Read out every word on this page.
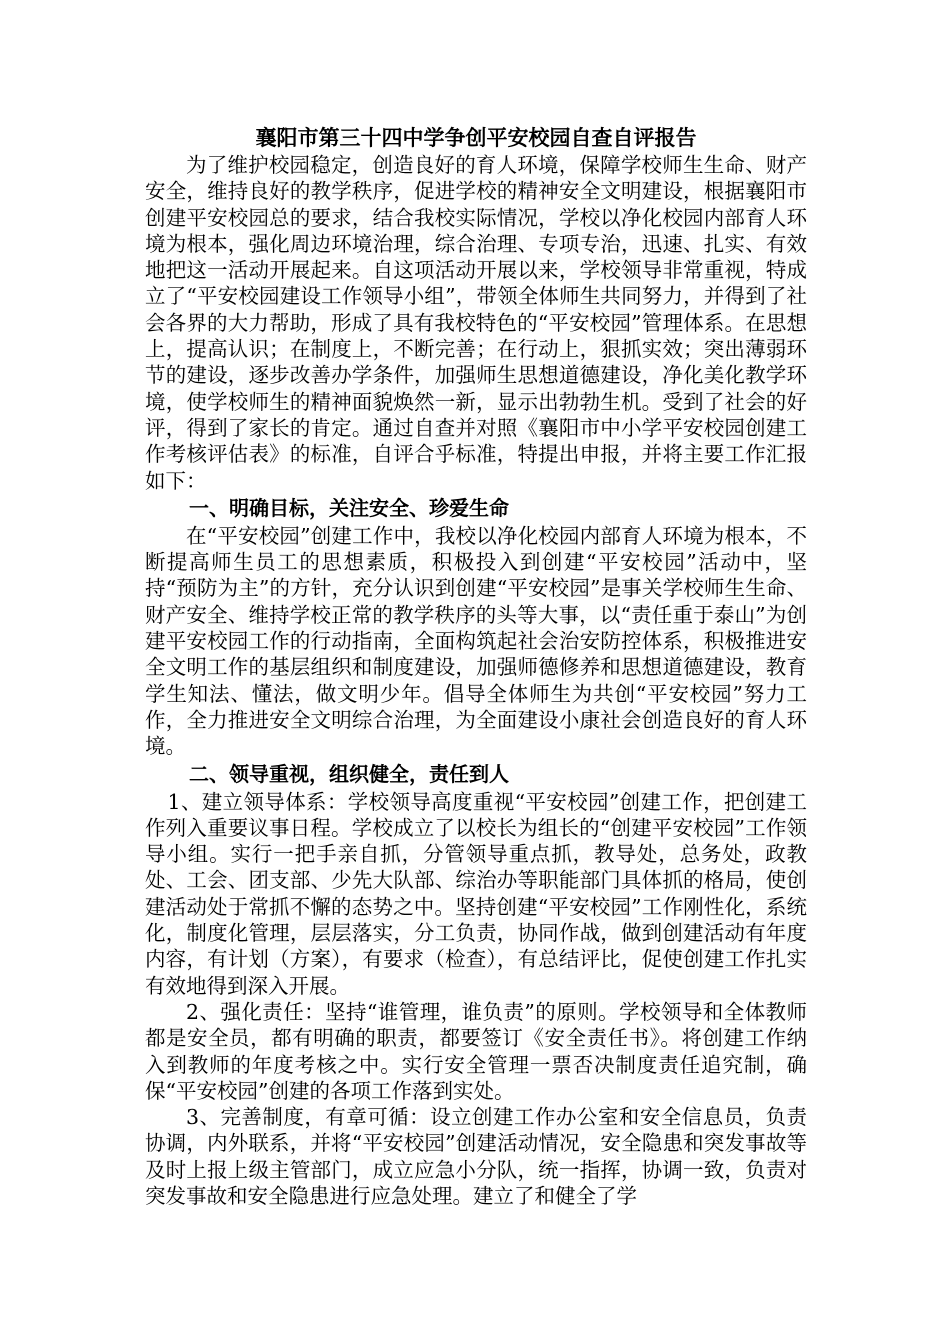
襄阳市第三十四中学争创平安校园自查自评报告

为了维护校园稳定，创造良好的育人环境，保障学校师生生命、财产安全，维持良好的教学秩序，促进学校的精神安全文明建设，根据襄阳市创建平安校园总的要求，结合我校实际情况，学校以净化校园内部育人环境为根本，强化周边环境治理，综合治理、专项专治，迅速、扎实、有效地把这一活动开展起来。自这项活动开展以来，学校领导非常重视，特成立了“平安校园建设工作领导小组”，带领全体师生共同努力，并得到了社会各界的大力帮助，形成了具有我校特色的“平安校园”管理体系。在思想上，提高认识；在制度上，不断完善；在行动上，狠抓实效；突出薄弱环节的建设，逐步改善办学条件，加强师生思想道德建设，净化美化教学环境，使学校师生的精神面貌焕然一新，显示出勃勃生机。受到了社会的好评，得到了家长的肯定。通过自查并对照《襄阳市中小学平安校园创建工作考核评估表》的标准，自评合乎标准，特提出申报，并将主要工作汇报如下：

一、明确目标，关注安全、珍爱生命

在“平安校园”创建工作中，我校以净化校园内部育人环境为根本，不断提高师生员工的思想素质，积极投入到创建“平安校园”活动中，坚持“预防为主”的方针，充分认识到创建“平安校园”是事关学校师生生命、财产安全、维持学校正常的教学秩序的头等大事，以“责任重于泰山”为创建平安校园工作的行动指南，全面构筑起社会治安防控体系，积极推进安全文明工作的基层组织和制度建设，加强师德修养和思想道德建设，教育学生知法、懂法，做文明少年。倡导全体师生为共创“平安校园”努力工作，全力推进安全文明综合治理，为全面建设小康社会创造良好的育人环境。

二、领导重视，组织健全，责任到人

1、建立领导体系：学校领导高度重视“平安校园”创建工作，把创建工作列入重要议事日程。学校成立了以校长为组长的“创建平安校园”工作领导小组。实行一把手亲自抓，分管领导重点抓，教导处，总务处，政教处、工会、团支部、少先大队部、综治办等职能部门具体抓的格局，使创建活动处于常抓不懈的态势之中。坚持创建“平安校园”工作刚性化，系统化，制度化管理，层层落实，分工负责，协同作战，做到创建活动有年度内容，有计划（方案），有要求（检查），有总结评比，促使创建工作扎实有效地得到深入开展。

2、强化责任：坚持“谁管理，谁负责”的原则。学校领导和全体教师都是安全员，都有明确的职责，都要签订《安全责任书》。将创建工作纳入到教师的年度考核之中。实行安全管理一票否决制度责任追究制，确保“平安校园”创建的各项工作落到实处。

3、完善制度，有章可循：设立创建工作办公室和安全信息员，负责协调，内外联系，并将“平安校园”创建活动情况，安全隐患和突发事故等及时上报上级主管部门，成立应急小分队，统一指挥，协调一致，负责对突发事故和安全隐患进行应急处理。建立了和健全了学
